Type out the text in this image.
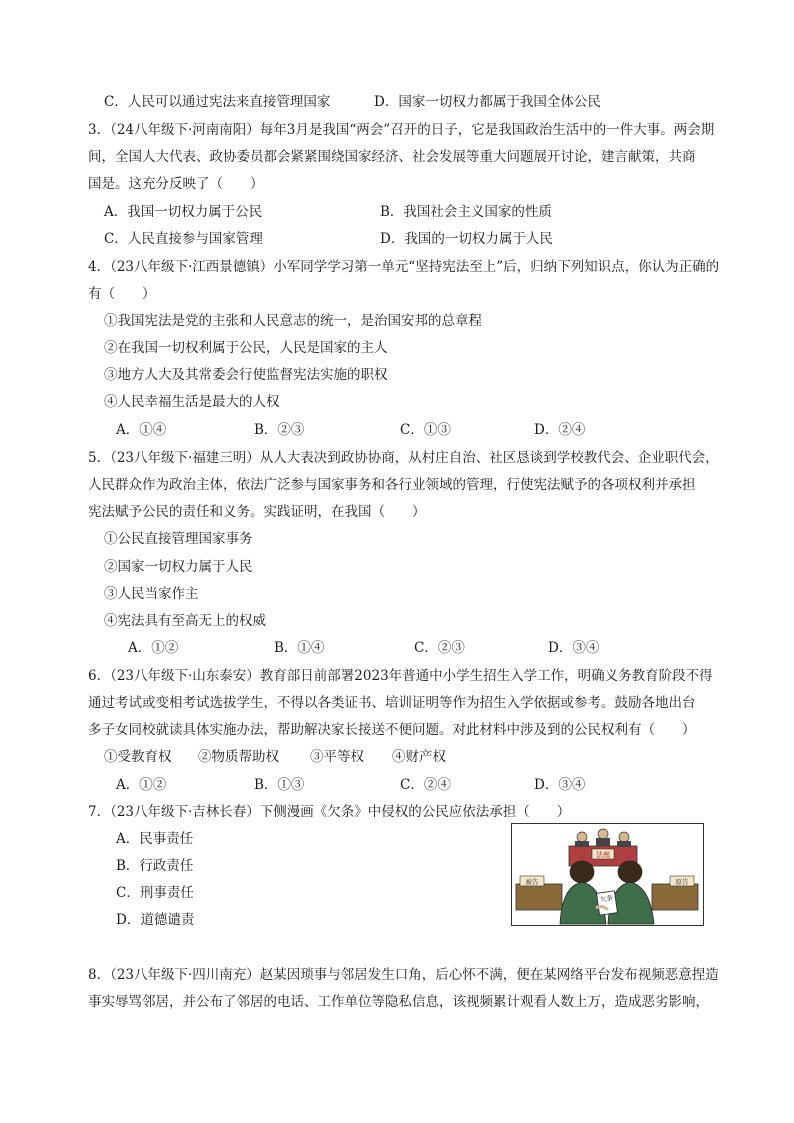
C．人民可以通过宪法来直接管理国家	D．国家一切权力都属于我国全体公民
3．（24八年级下·河南南阳）每年3月是我国“两会”召开的日子，它是我国政治生活中的一件大事。两会期
间，全国人大代表、政协委员都会紧紧围绕国家经济、社会发展等重大问题展开讨论，建言献策，共商
国是。这充分反映了（　　）
A．我国一切权力属于公民	B．我国社会主义国家的性质
C．人民直接参与国家管理	D．我国的一切权力属于人民
4．（23八年级下·江西景德镇）小军同学学习第一单元“坚持宪法至上”后，归纳下列知识点，你认为正确的
有（　　）
①我国宪法是党的主张和人民意志的统一，是治国安邦的总章程
②在我国一切权利属于公民，人民是国家的主人
③地方人大及其常委会行使监督宪法实施的职权
④人民幸福生活是最大的人权
A．①④	B．②③	C．①③	D．②④
5．（23八年级下·福建三明）从人大表决到政协协商，从村庄自治、社区恳谈到学校教代会、企业职代会，
人民群众作为政治主体，依法广泛参与国家事务和各行业领域的管理，行使宪法赋予的各项权利并承担
宪法赋予公民的责任和义务。实践证明，在我国（　　）
①公民直接管理国家事务
②国家一切权力属于人民
③人民当家作主
④宪法具有至高无上的权威
A．①②	B．①④	C．②③	D．③④
6．（23八年级下·山东泰安）教育部日前部署2023年普通中小学生招生入学工作，明确义务教育阶段不得
通过考试或变相考试选拔学生，不得以各类证书、培训证明等作为招生入学依据或参考。鼓励各地出台
多子女同校就读具体实施办法，帮助解决家长接送不便问题。对此材料中涉及到的公民权利有（　　）
①受教育权 ②物质帮助权 ③平等权 ④财产权
A．①②	B．①③	C．②④	D．③④
7．（23八年级下·吉林长春）下侧漫画《欠条》中侵权的公民应依法承担（　　）
A．民事责任
B．行政责任
C．刑事责任
D．道德谴责
法庭
被告	原告
欠条
8．（23八年级下·四川南充）赵某因琐事与邻居发生口角，后心怀不满，便在某网络平台发布视频恶意捏造
事实辱骂邻居，并公布了邻居的电话、工作单位等隐私信息，该视频累计观看人数上万，造成恶劣影响，
